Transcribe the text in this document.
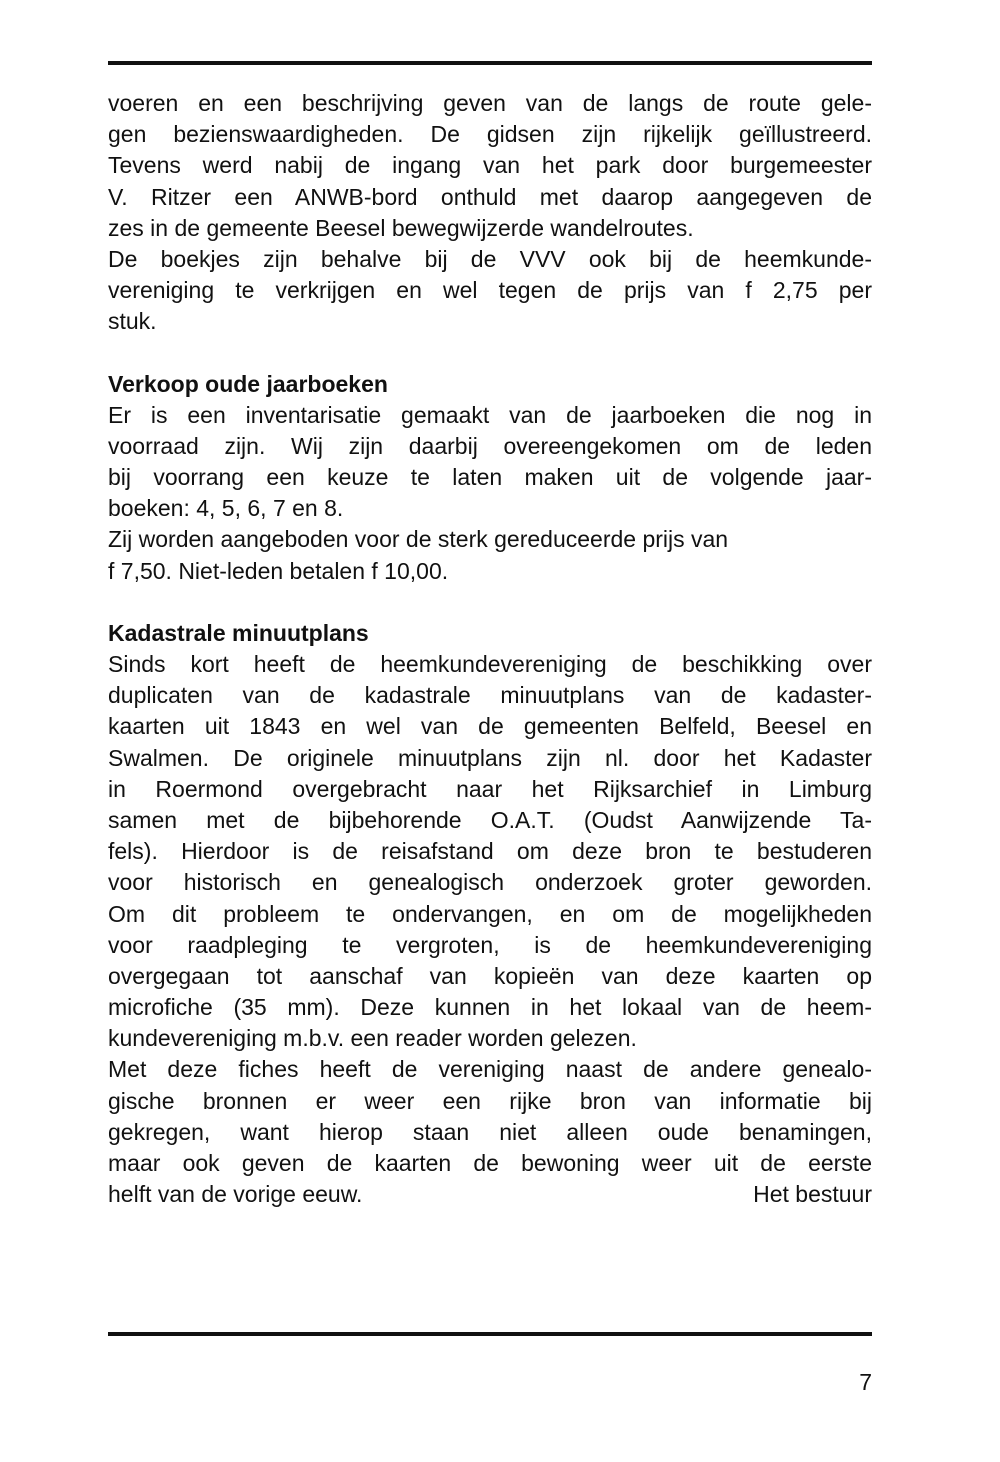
voeren en een beschrijving geven van de langs de route gele-
gen bezienswaardigheden. De gidsen zijn rijkelijk geïllustreerd.
Tevens werd nabij de ingang van het park door burgemeester
V. Ritzer een ANWB-bord onthuld met daarop aangegeven de
zes in de gemeente Beesel bewegwijzerde wandelroutes.
De boekjes zijn behalve bij de VVV ook bij de heemkunde-
vereniging te verkrijgen en wel tegen de prijs van f 2,75 per
stuk.
Verkoop oude jaarboeken
Er is een inventarisatie gemaakt van de jaarboeken die nog in
voorraad zijn. Wij zijn daarbij overeengekomen om de leden
bij voorrang een keuze te laten maken uit de volgende jaar-
boeken: 4, 5, 6, 7 en 8.
Zij worden aangeboden voor de sterk gereduceerde prijs van
f 7,50. Niet-leden betalen f 10,00.
Kadastrale minuutplans
Sinds kort heeft de heemkundevereniging de beschikking over
duplicaten van de kadastrale minuutplans van de kadaster-
kaarten uit 1843 en wel van de gemeenten Belfeld, Beesel en
Swalmen. De originele minuutplans zijn nl. door het Kadaster
in Roermond overgebracht naar het Rijksarchief in Limburg
samen met de bijbehorende O.A.T. (Oudst Aanwijzende Ta-
fels). Hierdoor is de reisafstand om deze bron te bestuderen
voor historisch en genealogisch onderzoek groter geworden.
Om dit probleem te ondervangen, en om de mogelijkheden
voor raadpleging te vergroten, is de heemkundevereniging
overgegaan tot aanschaf van kopieën van deze kaarten op
microfiche (35 mm). Deze kunnen in het lokaal van de heem-
kundevereniging m.b.v. een reader worden gelezen.
Met deze fiches heeft de vereniging naast de andere genealo-
gische bronnen er weer een rijke bron van informatie bij
gekregen, want hierop staan niet alleen oude benamingen,
maar ook geven de kaarten de bewoning weer uit de eerste
helft van de vorige eeuw.	Het bestuur
7
